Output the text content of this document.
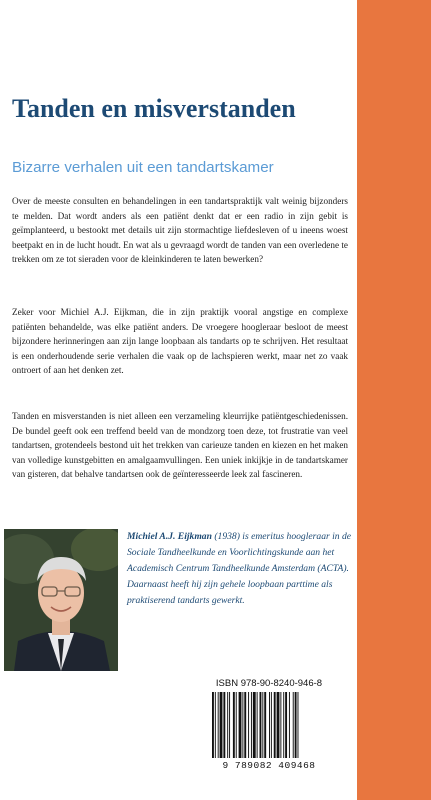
Tanden en misverstanden

Bizarre verhalen uit een tandartskamer

Over de meeste consulten en behandelingen in een tandartspraktijk valt weinig bijzonders te melden. Dat wordt anders als een patiënt denkt dat er een radio in zijn gebit is geïmplanteerd, u bestookt met details uit zijn stormachtige liefdesleven of u ineens woest beetpakt en in de lucht houdt. En wat als u gevraagd wordt de tanden van een overledene te trekken om ze tot sieraden voor de kleinkinderen te laten bewerken?

Zeker voor Michiel A.J. Eijkman, die in zijn praktijk vooral angstige en complexe patiënten behandelde, was elke patiënt anders. De vroegere hoogleraar besloot de meest bijzondere herinneringen aan zijn lange loopbaan als tandarts op te schrijven. Het resultaat is een onderhoudende serie verhalen die vaak op de lachspieren werkt, maar net zo vaak ontroert of aan het denken zet.

Tanden en misverstanden is niet alleen een verzameling kleurrijke patiëntgeschiedenissen. De bundel geeft ook een treffend beeld van de mondzorg toen deze, tot frustratie van veel tandartsen, grotendeels bestond uit het trekken van carieuze tanden en kiezen en het maken van volledige kunstgebitten en amalgaamvullingen. Een uniek inkijkje in de tandartskamer van gisteren, dat behalve tandartsen ook de geïnteresseerde leek zal fascineren.

Michiel A.J. Eijkman (1938) is emeritus hoogleraar in de Sociale Tandheelkunde en Voorlichtingskunde aan het Academisch Centrum Tandheelkunde Amsterdam (ACTA). Daarnaast heeft hij zijn gehele loopbaan parttime als praktiserend tandarts gewerkt.

ISBN 978-90-8240-946-8
9 789082 409468
